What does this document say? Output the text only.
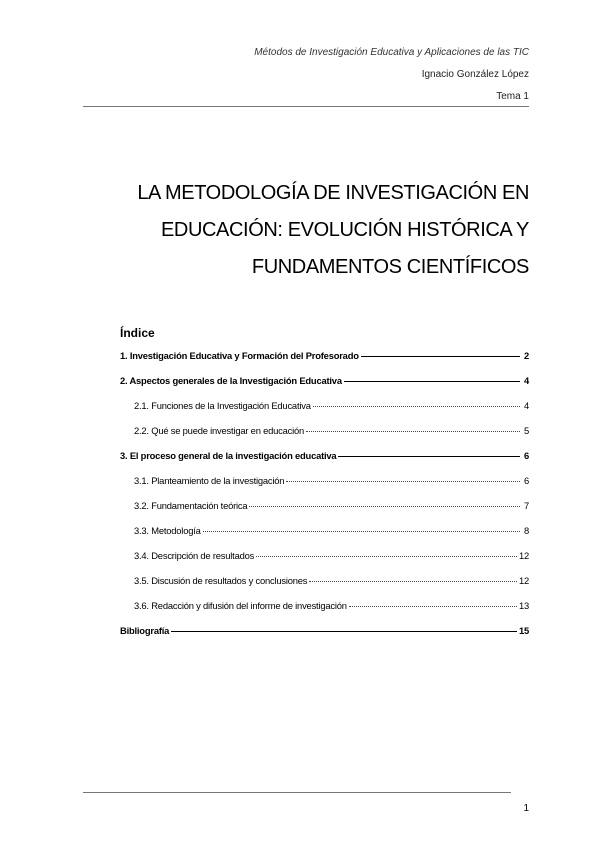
Métodos de Investigación Educativa y Aplicaciones de las TIC
Ignacio González López
Tema 1
LA METODOLOGÍA DE INVESTIGACIÓN EN
EDUCACIÓN: EVOLUCIÓN HISTÓRICA Y
FUNDAMENTOS CIENTÍFICOS
Índice
1. Investigación Educativa y Formación del Profesorado	2
2. Aspectos generales de la Investigación Educativa	4
2.1. Funciones de la Investigación Educativa	4
2.2. Qué se puede investigar en educación	5
3. El proceso general de la investigación educativa	6
3.1. Planteamiento de la investigación	6
3.2. Fundamentación teórica	7
3.3. Metodología	8
3.4. Descripción de resultados	12
3.5. Discusión de resultados y conclusiones	12
3.6. Redacción y difusión del informe de investigación	13
Bibliografía	15
1
